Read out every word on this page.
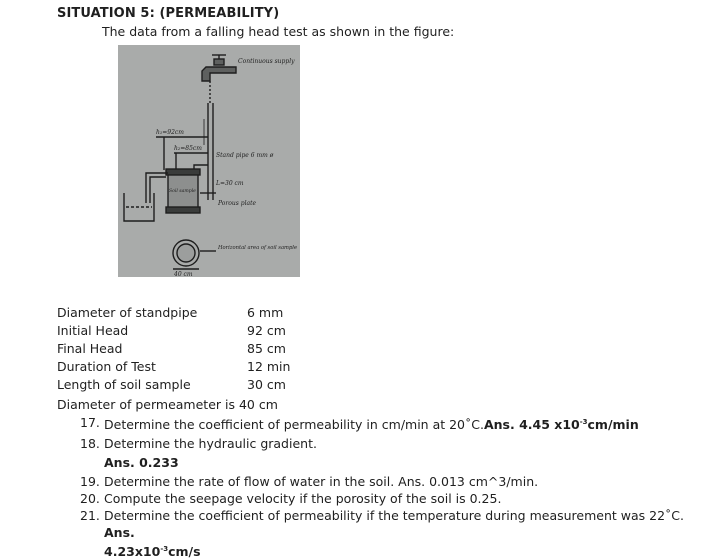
SITUATION 5: (PERMEABILITY)
The data from a falling head test as shown in the figure:
Continuous supply
h₁=92cm
h₂=85cm
Stand pipe 6 mm ø
L=30 cm
Porous plate
Horizontal area of soil sample
40 cm
Soil sample
Diameter of standpipe	6 mm
Initial Head	92 cm
Final Head	85 cm
Duration of Test	12 min
Length of soil sample	30 cm
Diameter of permeameter is 40 cm
17. Determine the coefficient of permeability in cm/min at 20˚C.Ans. 4.45 $x10^{-3}cm/\min$
18. Determine the hydraulic gradient.
Ans. 0.233
19. Determine the rate of flow of water in the soil. Ans. 0.013 cm^3/min.
20. Compute the seepage velocity if the porosity of the soil is 0.25.
21. Determine the coefficient of permeability if the temperature during measurement was 22˚C. Ans.
$4.23x10^{-3}cm/s$
